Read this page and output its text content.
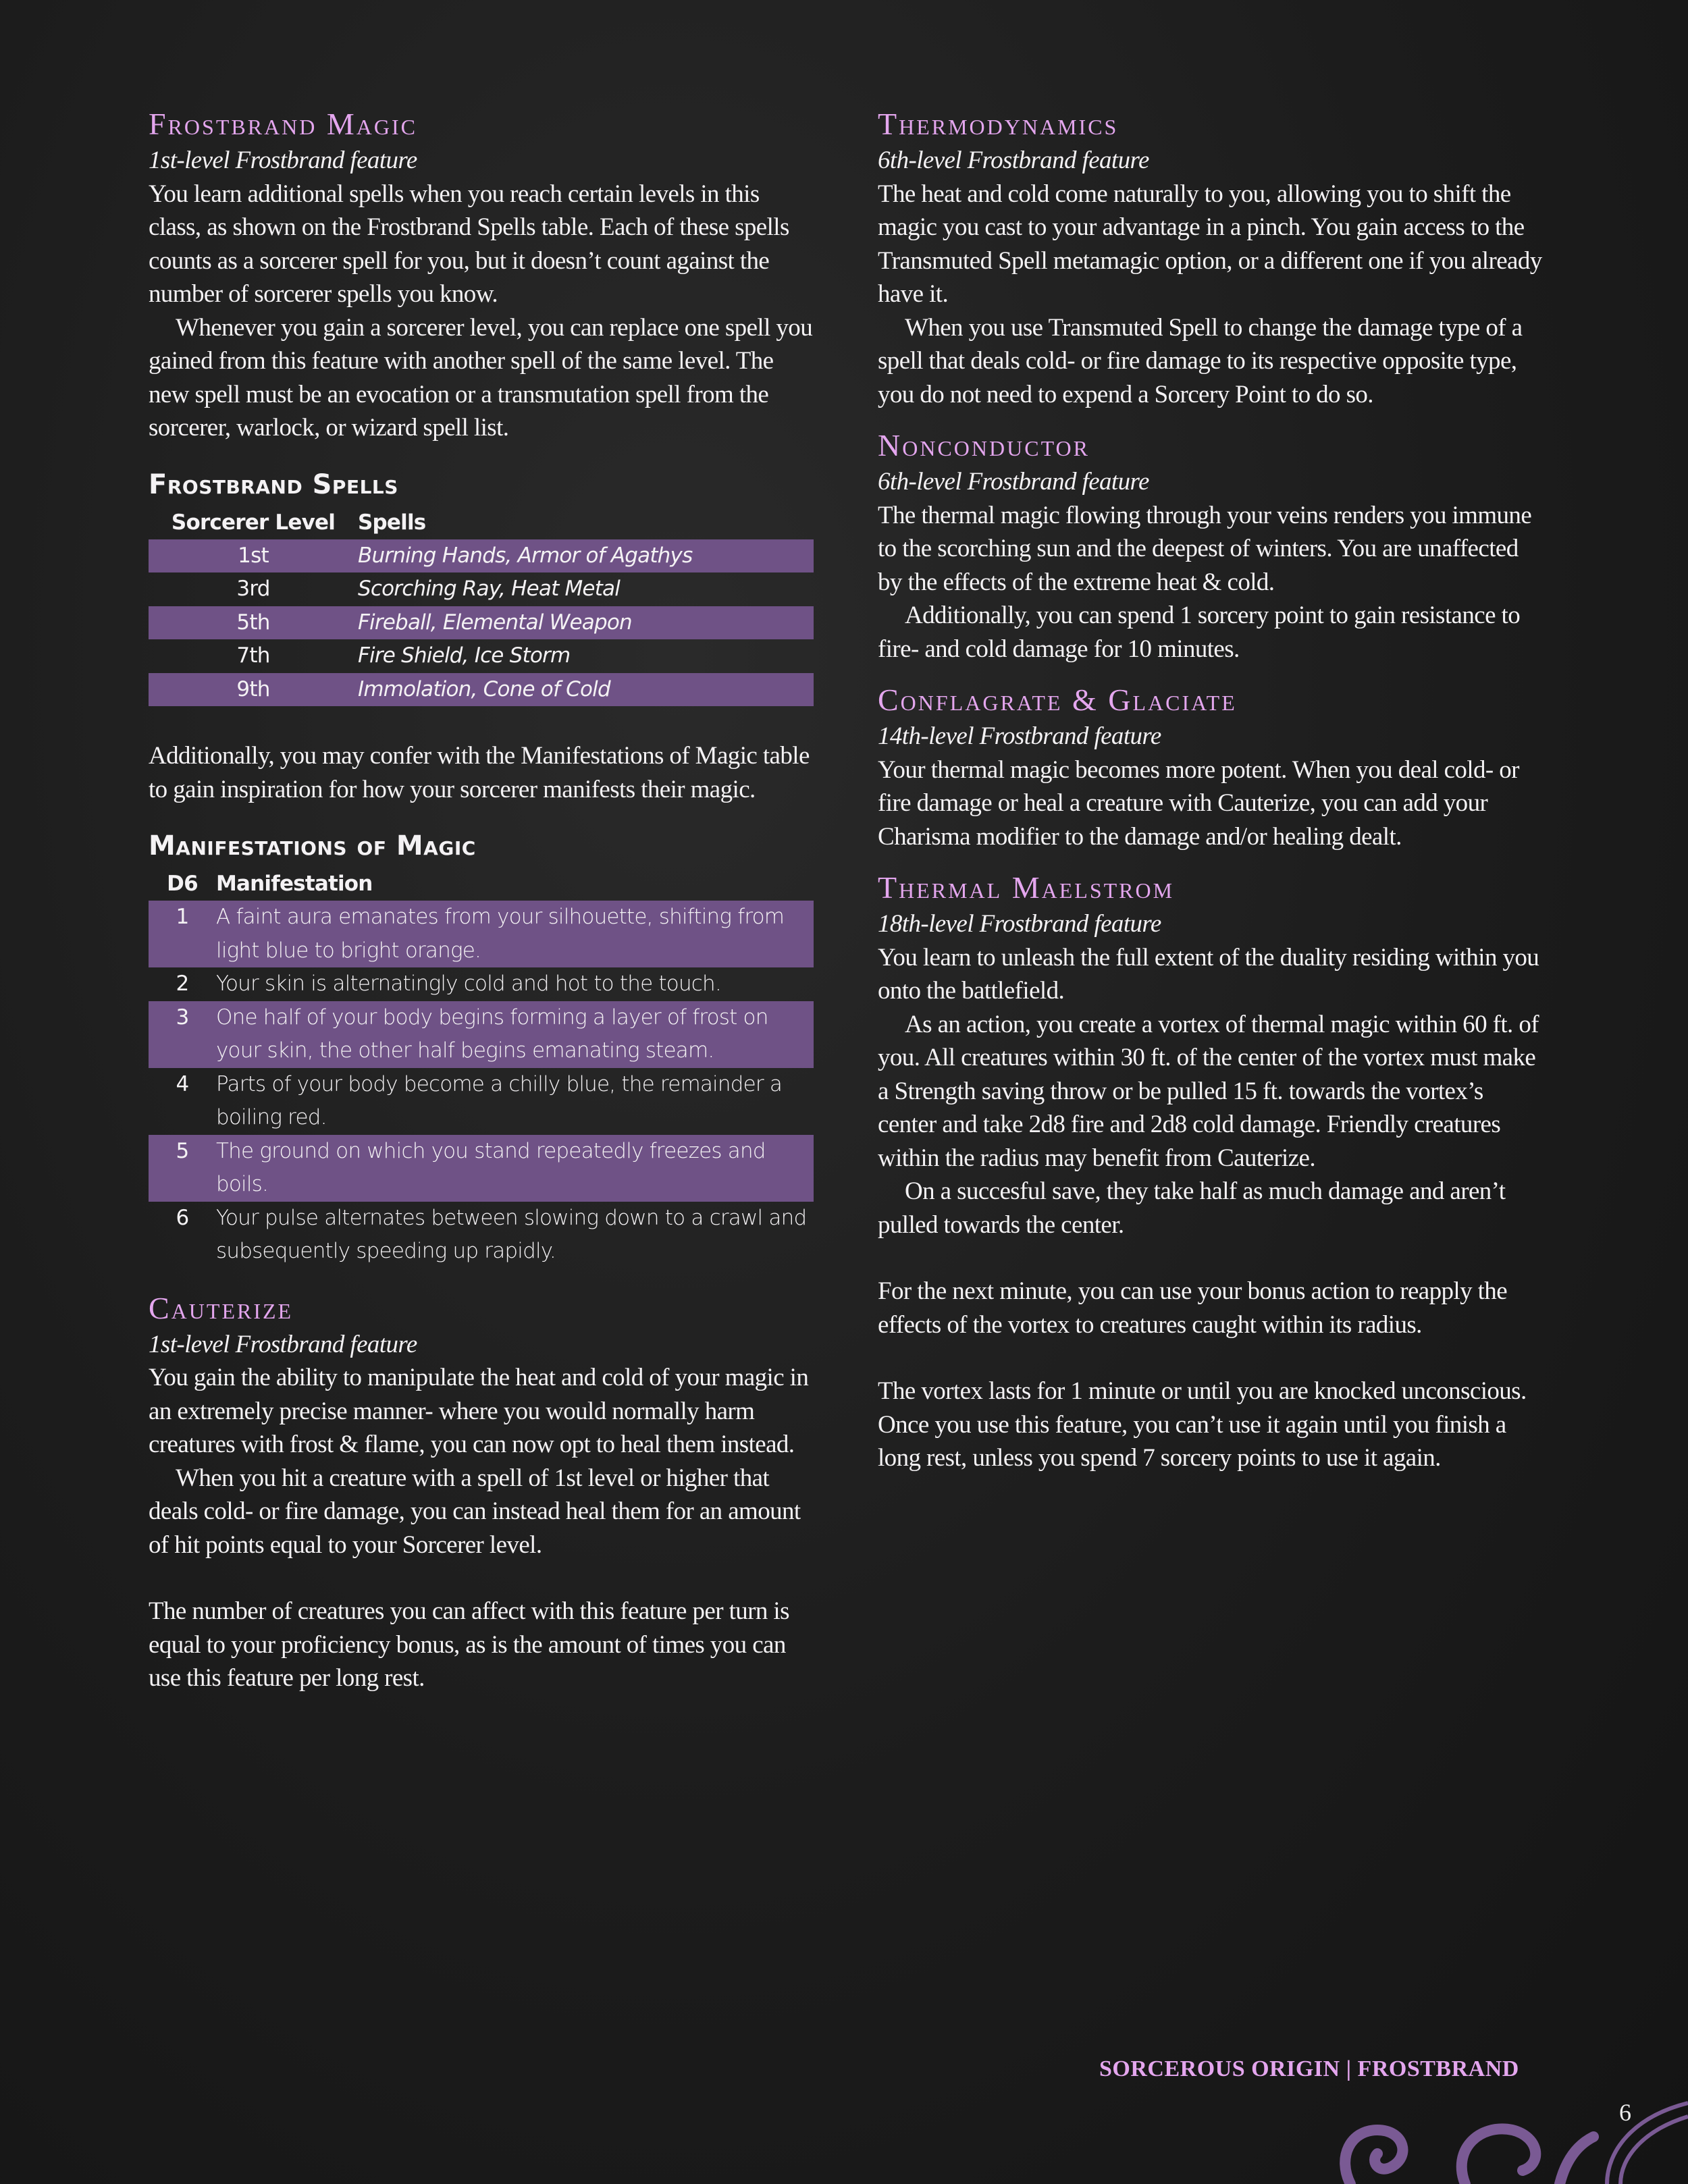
Frostbrand Magic
1st-level Frostbrand feature

You learn additional spells when you reach certain levels in this class, as shown on the Frostbrand Spells table. Each of these spells counts as a sorcerer spell for you, but it doesn’t count against the number of sorcerer spells you know.

Whenever you gain a sorcerer level, you can replace one spell you gained from this feature with another spell of the same level. The new spell must be an evocation or a transmutation spell from the sorcerer, warlock, or wizard spell list.

Frostbrand Spells
Sorcerer Level	Spells
1st	Burning Hands, Armor of Agathys
3rd	Scorching Ray, Heat Metal
5th	Fireball, Elemental Weapon
7th	Fire Shield, Ice Storm
9th	Immolation, Cone of Cold

Additionally, you may confer with the Manifestations of Magic table to gain inspiration for how your sorcerer manifests their magic.

Manifestations of Magic
D6	Manifestation
1	A faint aura emanates from your silhouette, shifting from light blue to bright orange.
2	Your skin is alternatingly cold and hot to the touch.
3	One half of your body begins forming a layer of frost on your skin, the other half begins emanating steam.
4	Parts of your body become a chilly blue, the remainder a boiling red.
5	The ground on which you stand repeatedly freezes and boils.
6	Your pulse alternates between slowing down to a crawl and subsequently speeding up rapidly.
Cauterize
1st-level Frostbrand feature

You gain the ability to manipulate the heat and cold of your magic in an extremely precise manner- where you would normally harm creatures with frost & flame, you can now opt to heal them instead.

When you hit a creature with a spell of 1st level or higher that deals cold- or fire damage, you can instead heal them for an amount of hit points equal to your Sorcerer level.

The number of creatures you can affect with this feature per turn is equal to your proficiency bonus, as is the amount of times you can use this feature per long rest.

Thermodynamics
6th-level Frostbrand feature

The heat and cold come naturally to you, allowing you to shift the magic you cast to your advantage in a pinch. You gain access to the Transmuted Spell metamagic option, or a different one if you already have it.

When you use Transmuted Spell to change the damage type of a spell that deals cold- or fire damage to its respective opposite type, you do not need to expend a Sorcery Point to do so.

Nonconductor
6th-level Frostbrand feature

The thermal magic flowing through your veins renders you immune to the scorching sun and the deepest of winters. You are unaffected by the effects of the extreme heat & cold.

Additionally, you can spend 1 sorcery point to gain resistance to fire- and cold damage for 10 minutes.

Conflagrate & Glaciate
14th-level Frostbrand feature

Your thermal magic becomes more potent. When you deal cold- or fire damage or heal a creature with Cauterize, you can add your Charisma modifier to the damage and/or healing dealt.

Thermal Maelstrom
18th-level Frostbrand feature

You learn to unleash the full extent of the duality residing within you onto the battlefield.

As an action, you create a vortex of thermal magic within 60 ft. of you. All creatures within 30 ft. of the center of the vortex must make a Strength saving throw or be pulled 15 ft. towards the vortex’s center and take 2d8 fire and 2d8 cold damage. Friendly creatures within the radius may benefit from Cauterize.

On a succesful save, they take half as much damage and aren’t pulled towards the center.

For the next minute, you can use your bonus action to reapply the effects of the vortex to creatures caught within its radius.

The vortex lasts for 1 minute or until you are knocked unconscious. Once you use this feature, you can’t use it again until you finish a long rest, unless you spend 7 sorcery points to use it again.

SORCEROUS ORIGIN | FROSTBRAND
6
